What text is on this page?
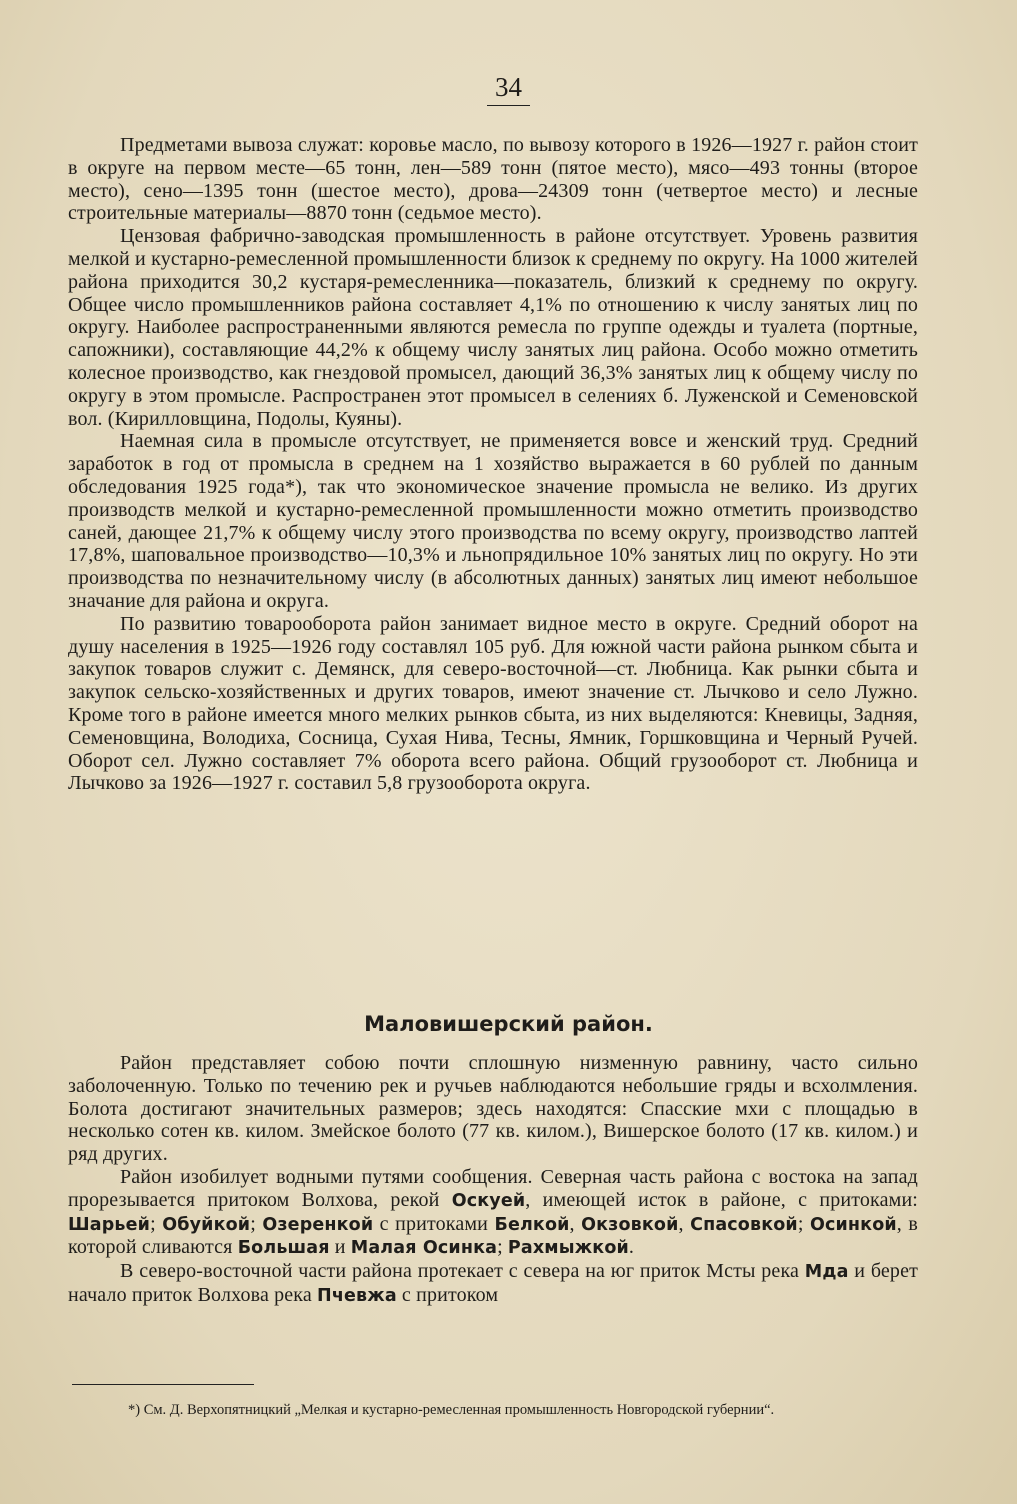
34

Предметами вывоза служат: коровье масло, по вывозу которого в 1926—1927 г. район стоит в округе на первом месте—65 тонн, лен—589 тонн (пятое место), мясо—493 тонны (второе место), сено—1395 тонн (шестое место), дрова—24309 тонн (четвертое место) и лесные строительные материалы—8870 тонн (седьмое место).

Цензовая фабрично-заводская промышленность в районе отсутствует. Уровень развития мелкой и кустарно-ремесленной промышленности близок к среднему по округу. На 1000 жителей района приходится 30,2 кустаря-ремесленника—показатель, близкий к среднему по округу. Общее число промышленников района составляет 4,1% по отношению к числу занятых лиц по округу. Наиболее распространенными являются ремесла по группе одежды и туалета (портные, сапожники), составляющие 44,2% к общему числу занятых лиц района. Особо можно отметить колесное производство, как гнездовой промысел, дающий 36,3% занятых лиц к общему числу по округу в этом промысле. Распространен этот промысел в селениях б. Луженской и Семеновской вол. (Кирилловщина, Подолы, Куяны).

Наемная сила в промысле отсутствует, не применяется вовсе и женский труд. Средний заработок в год от промысла в среднем на 1 хозяйство выражается в 60 рублей по данным обследования 1925 года*), так что экономическое значение промысла не велико. Из других производств мелкой и кустарно-ремесленной промышленности можно отметить производство саней, дающее 21,7% к общему числу этого производства по всему округу, производство лаптей 17,8%, шаповальное производство—10,3% и льнопрядильное 10% занятых лиц по округу. Но эти производства по незначительному числу (в абсолютных данных) занятых лиц имеют небольшое значание для района и округа.

По развитию товарооборота район занимает видное место в округе. Средний оборот на душу населения в 1925—1926 году составлял 105 руб. Для южной части района рынком сбыта и закупок товаров служит с. Демянск, для северо-восточной—ст. Любница. Как рынки сбыта и закупок сельско-хозяйственных и других товаров, имеют значение ст. Лычково и село Лужно. Кроме того в районе имеется много мелких рынков сбыта, из них выделяются: Кневицы, Задняя, Семеновщина, Володиха, Сосница, Сухая Нива, Тесны, Ямник, Горшковщина и Черный Ручей. Оборот сел. Лужно составляет 7% оборота всего района. Общий грузооборот ст. Любница и Лычково за 1926—1927 г. составил 5,8 грузооборота округа.

Маловишерский район.

Район представляет собою почти сплошную низменную равнину, часто сильно заболоченную. Только по течению рек и ручьев наблюдаются небольшие гряды и всхолмления. Болота достигают значительных размеров; здесь находятся: Спасские мхи с площадью в несколько сотен кв. килом. Змейское болото (77 кв. килом.), Вишерское болото (17 кв. килом.) и ряд других.

Район изобилует водными путями сообщения. Северная часть района с востока на запад прорезывается притоком Волхова, рекой Оскуей, имеющей исток в районе, с притоками: Шарьей; Обуйкой; Озеренкой с притоками Белкой, Окзовкой, Спасовкой; Осинкой, в которой сливаются Большая и Малая Осинка; Рахмыжкой.

В северо-восточной части района протекает с севера на юг приток Мсты река Мда и берет начало приток Волхова река Пчевжа с притоком

*) См. Д. Верхопятницкий „Мелкая и кустарно-ремесленная промышленность Новгородской губернии“.
